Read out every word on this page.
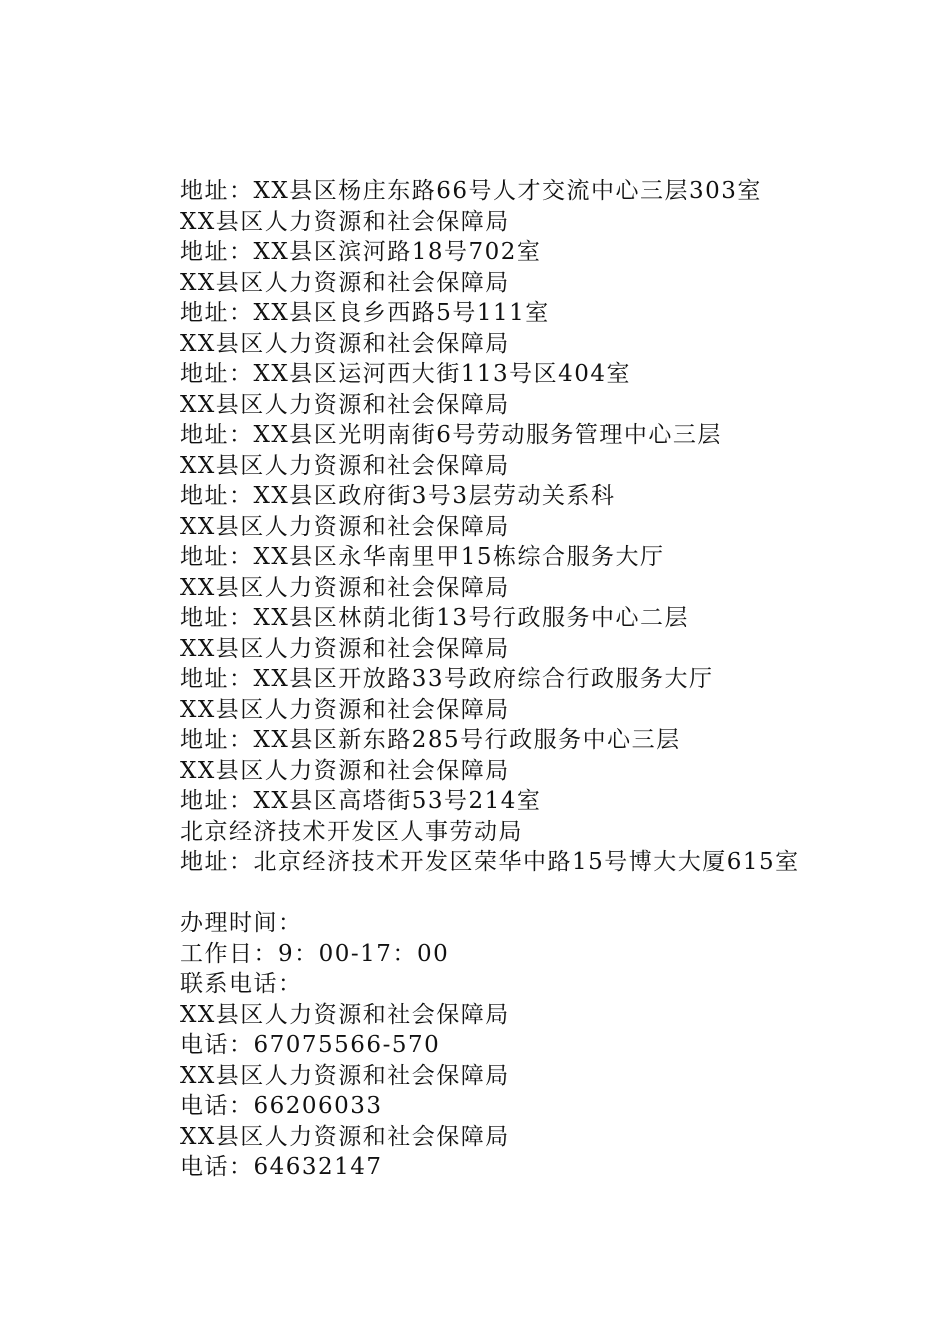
地址：XX县区杨庄东路66号人才交流中心三层303室
XX县区人力资源和社会保障局
地址：XX县区滨河路18号702室
XX县区人力资源和社会保障局
地址：XX县区良乡西路5号111室
XX县区人力资源和社会保障局
地址：XX县区运河西大街113号区404室
XX县区人力资源和社会保障局
地址：XX县区光明南街6号劳动服务管理中心三层
XX县区人力资源和社会保障局
地址：XX县区政府街3号3层劳动关系科
XX县区人力资源和社会保障局
地址：XX县区永华南里甲15栋综合服务大厅
XX县区人力资源和社会保障局
地址：XX县区林荫北街13号行政服务中心二层
XX县区人力资源和社会保障局
地址：XX县区开放路33号政府综合行政服务大厅
XX县区人力资源和社会保障局
地址：XX县区新东路285号行政服务中心三层
XX县区人力资源和社会保障局
地址：XX县区高塔街53号214室
北京经济技术开发区人事劳动局
地址：北京经济技术开发区荣华中路15号博大大厦615室
办理时间：
工作日：9：00-17：00
联系电话：
XX县区人力资源和社会保障局
电话：67075566-570
XX县区人力资源和社会保障局
电话：66206033
XX县区人力资源和社会保障局
电话：64632147
